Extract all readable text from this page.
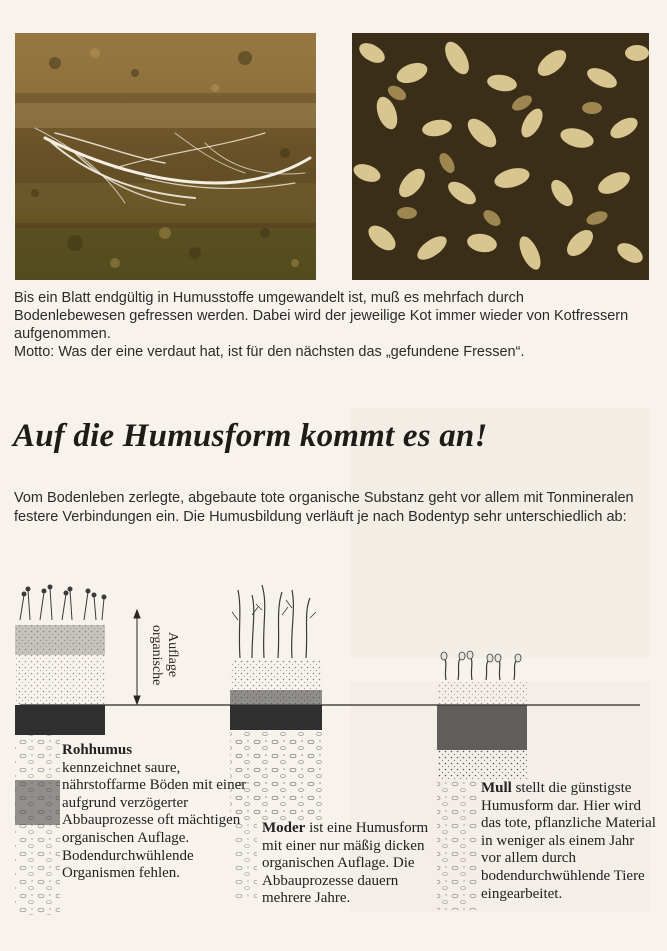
Bis ein Blatt endgültig in Humusstoffe umgewandelt ist, muß es mehrfach durch Bodenlebewesen gefressen werden. Dabei wird der jeweilige Kot immer wieder von Kotfressern aufgenommen.

Motto: Was der eine verdaut hat, ist für den nächsten das „gefundene Fressen“.

Auf die Humusform kommt es an!

Vom Bodenleben zerlegte, abgebaute tote organische Substanz geht vor allem mit Tonmineralen festere Verbindungen ein. Die Humusbildung verläuft je nach Bodentyp sehr unterschiedlich ab:

organische Auflage

Rohhumus
kennzeichnet saure, nährstoffarme Böden mit einer aufgrund verzögerter Abbauprozesse oft mächtigen organischen Auflage. Bodendurchwühlende Organismen fehlen.

Moder ist eine Humusform mit einer nur mäßig dicken organischen Auflage. Die Abbauprozesse dauern mehrere Jahre.

Mull stellt die günstigste Humusform dar. Hier wird das tote, pflanzliche Material in weniger als einem Jahr vor allem durch bodendurchwühlende Tiere eingearbeitet.
